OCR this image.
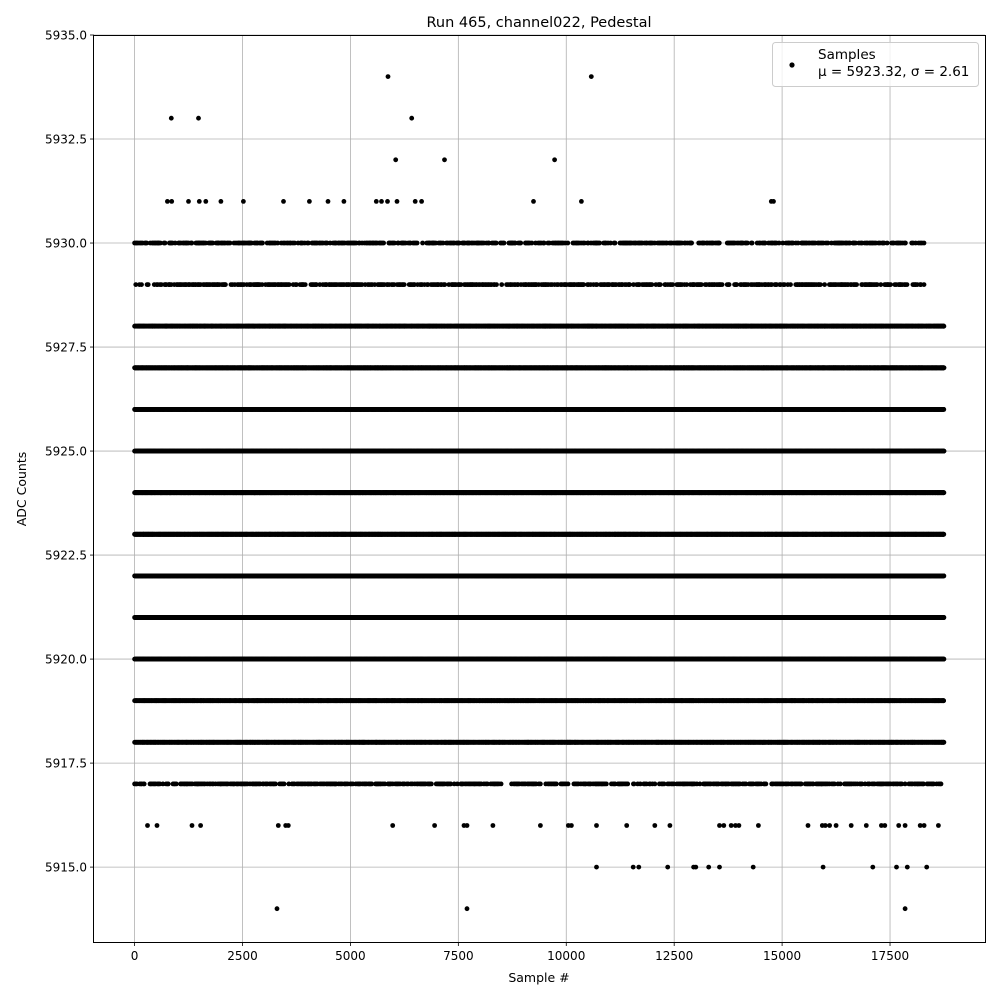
0	2500	5000	7500	10000	12500	15000	17500
5915.0
5917.5
5920.0
5922.5
5925.0
5927.5
5930.0
5932.5
5935.0
Run 465, channel022, Pedestal
Sample #
ADC Counts
Samples
μ = 5923.32, σ = 2.61
